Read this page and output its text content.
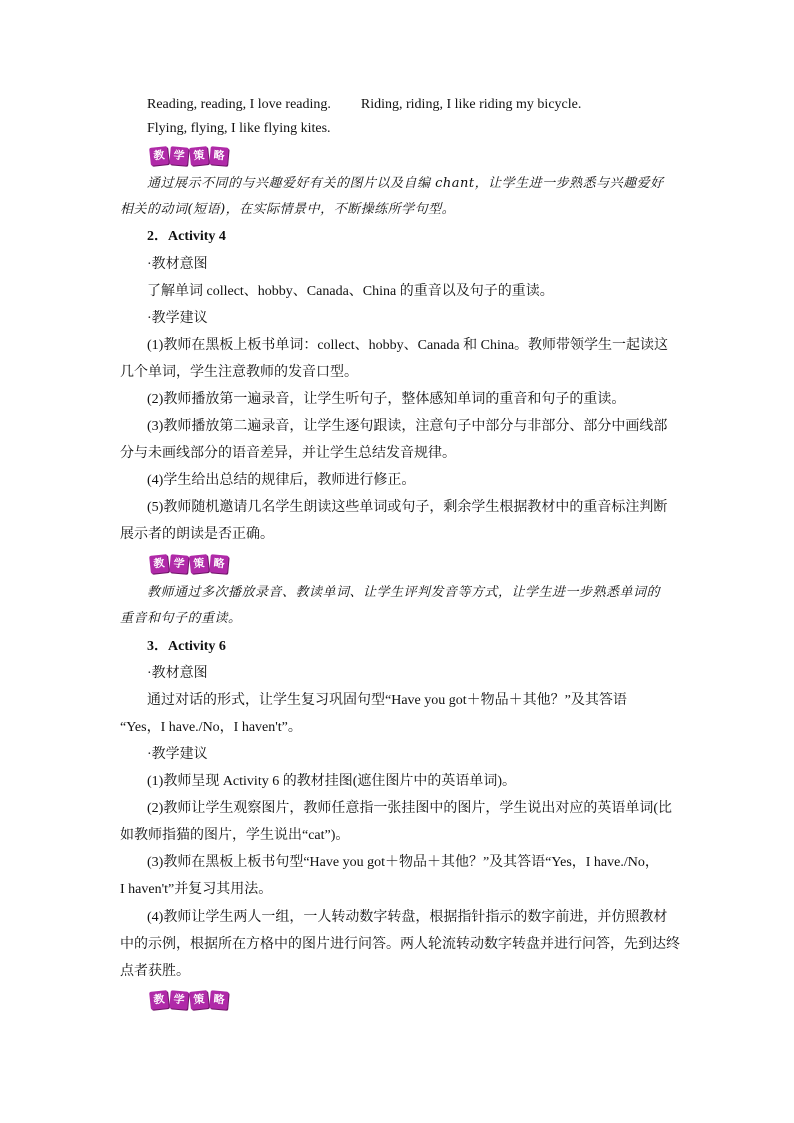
Reading, reading, I love reading. Riding, riding, I like riding my bicycle.
Flying, flying, I like flying kites.
教 学 策 略
通过展示不同的与兴趣爱好有关的图片以及自编 chant，让学生进一步熟悉与兴趣爱好
相关的动词(短语)，在实际情景中，不断操练所学句型。
2．Activity 4
·教材意图
了解单词 collect、hobby、Canada、China 的重音以及句子的重读。
·教学建议
(1)教师在黑板上板书单词：collect、hobby、Canada 和 China。教师带领学生一起读这
几个单词，学生注意教师的发音口型。
(2)教师播放第一遍录音，让学生听句子，整体感知单词的重音和句子的重读。
(3)教师播放第二遍录音，让学生逐句跟读，注意句子中部分与非部分、部分中画线部
分与未画线部分的语音差异，并让学生总结发音规律。
(4)学生给出总结的规律后，教师进行修正。
(5)教师随机邀请几名学生朗读这些单词或句子，剩余学生根据教材中的重音标注判断
展示者的朗读是否正确。
教 学 策 略
教师通过多次播放录音、教读单词、让学生评判发音等方式，让学生进一步熟悉单词的
重音和句子的重读。
3．Activity 6
·教材意图
通过对话的形式，让学生复习巩固句型“Have you got＋物品＋其他？”及其答语
“Yes，I have./No，I haven't”。
·教学建议
(1)教师呈现 Activity 6 的教材挂图(遮住图片中的英语单词)。
(2)教师让学生观察图片，教师任意指一张挂图中的图片，学生说出对应的英语单词(比
如教师指猫的图片，学生说出“cat”)。
(3)教师在黑板上板书句型“Have you got＋物品＋其他？”及其答语“Yes，I have./No，
I haven't”并复习其用法。
(4)教师让学生两人一组，一人转动数字转盘，根据指针指示的数字前进，并仿照教材
中的示例，根据所在方格中的图片进行问答。两人轮流转动数字转盘并进行问答，先到达终
点者获胜。
教 学 策 略
